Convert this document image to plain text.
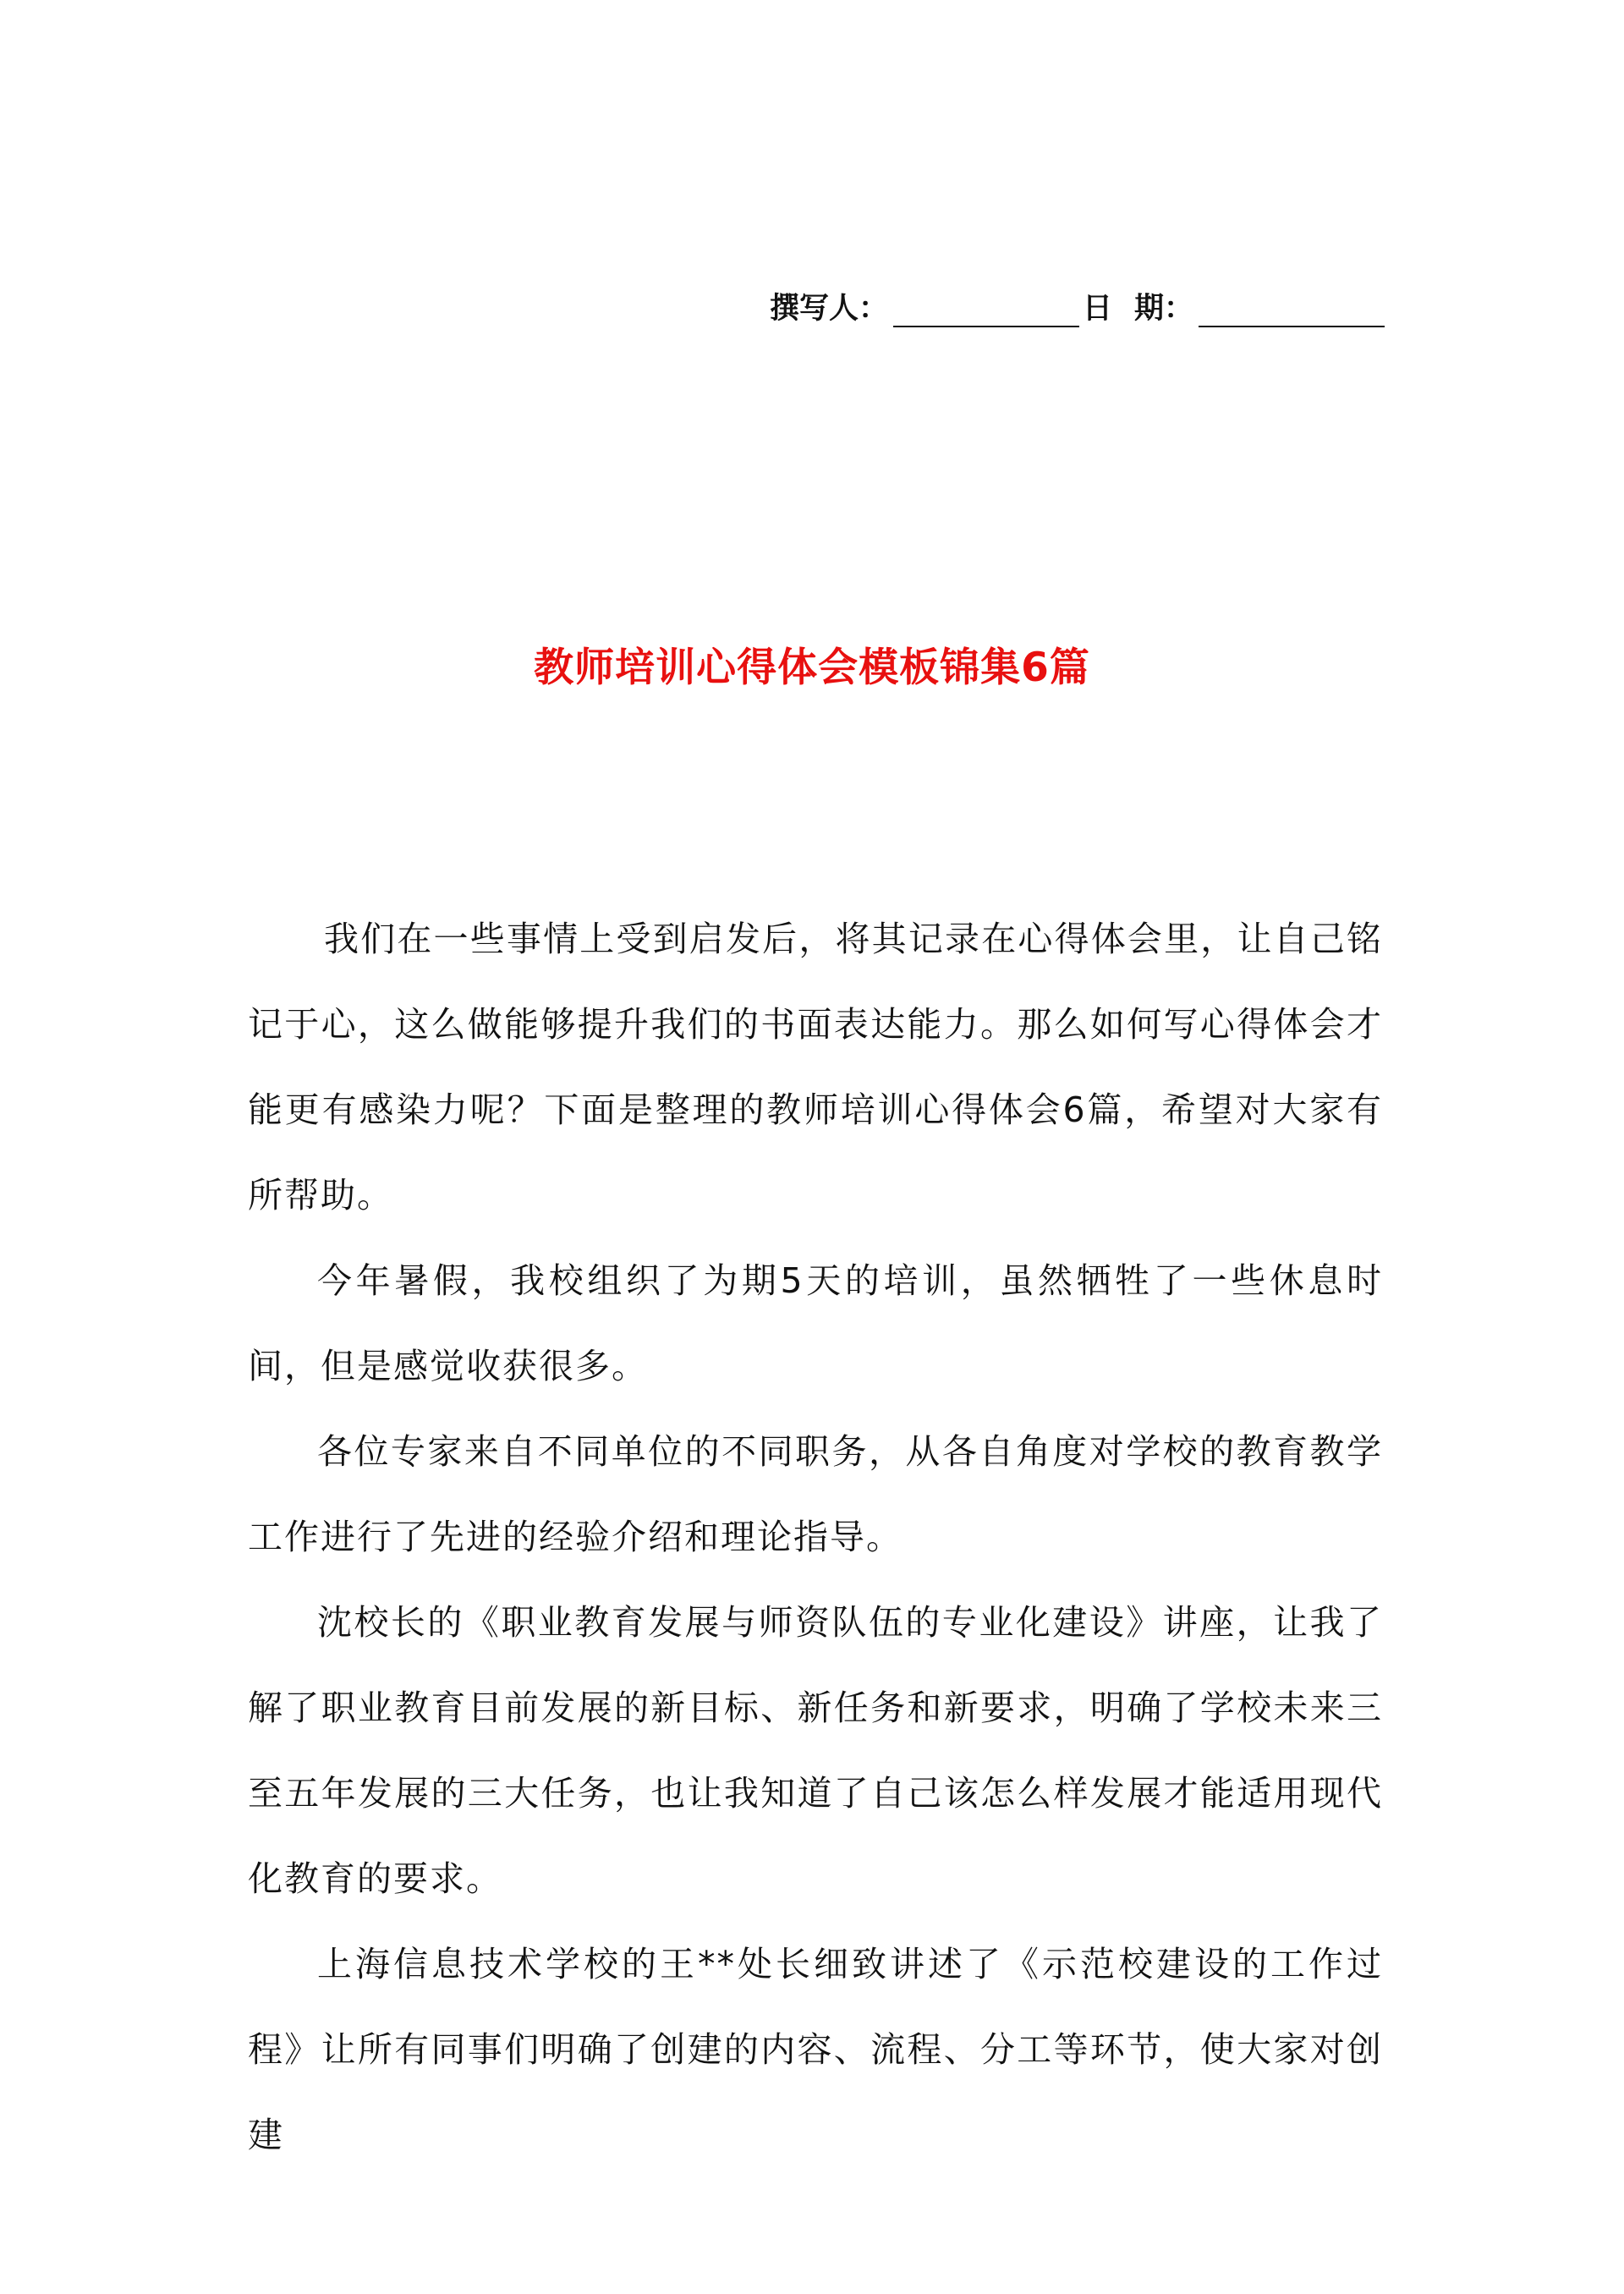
撰写人：	日 期：
教师培训心得体会模板锦集6篇

我们在一些事情上受到启发后，将其记录在心得体会里，让自己铭记于心，这么做能够提升我们的书面表达能力。那么如何写心得体会才能更有感染力呢？下面是整理的教师培训心得体会6篇，希望对大家有所帮助。

今年暑假，我校组织了为期5天的培训，虽然牺牲了一些休息时间，但是感觉收获很多。

各位专家来自不同单位的不同职务，从各自角度对学校的教育教学工作进行了先进的经验介绍和理论指导。

沈校长的《职业教育发展与师资队伍的专业化建设》讲座，让我了解了职业教育目前发展的新目标、新任务和新要求，明确了学校未来三至五年发展的三大任务，也让我知道了自己该怎么样发展才能适用现代化教育的要求。

上海信息技术学校的王**处长细致讲述了《示范校建设的工作过程》让所有同事们明确了创建的内容、流程、分工等环节，使大家对创建
